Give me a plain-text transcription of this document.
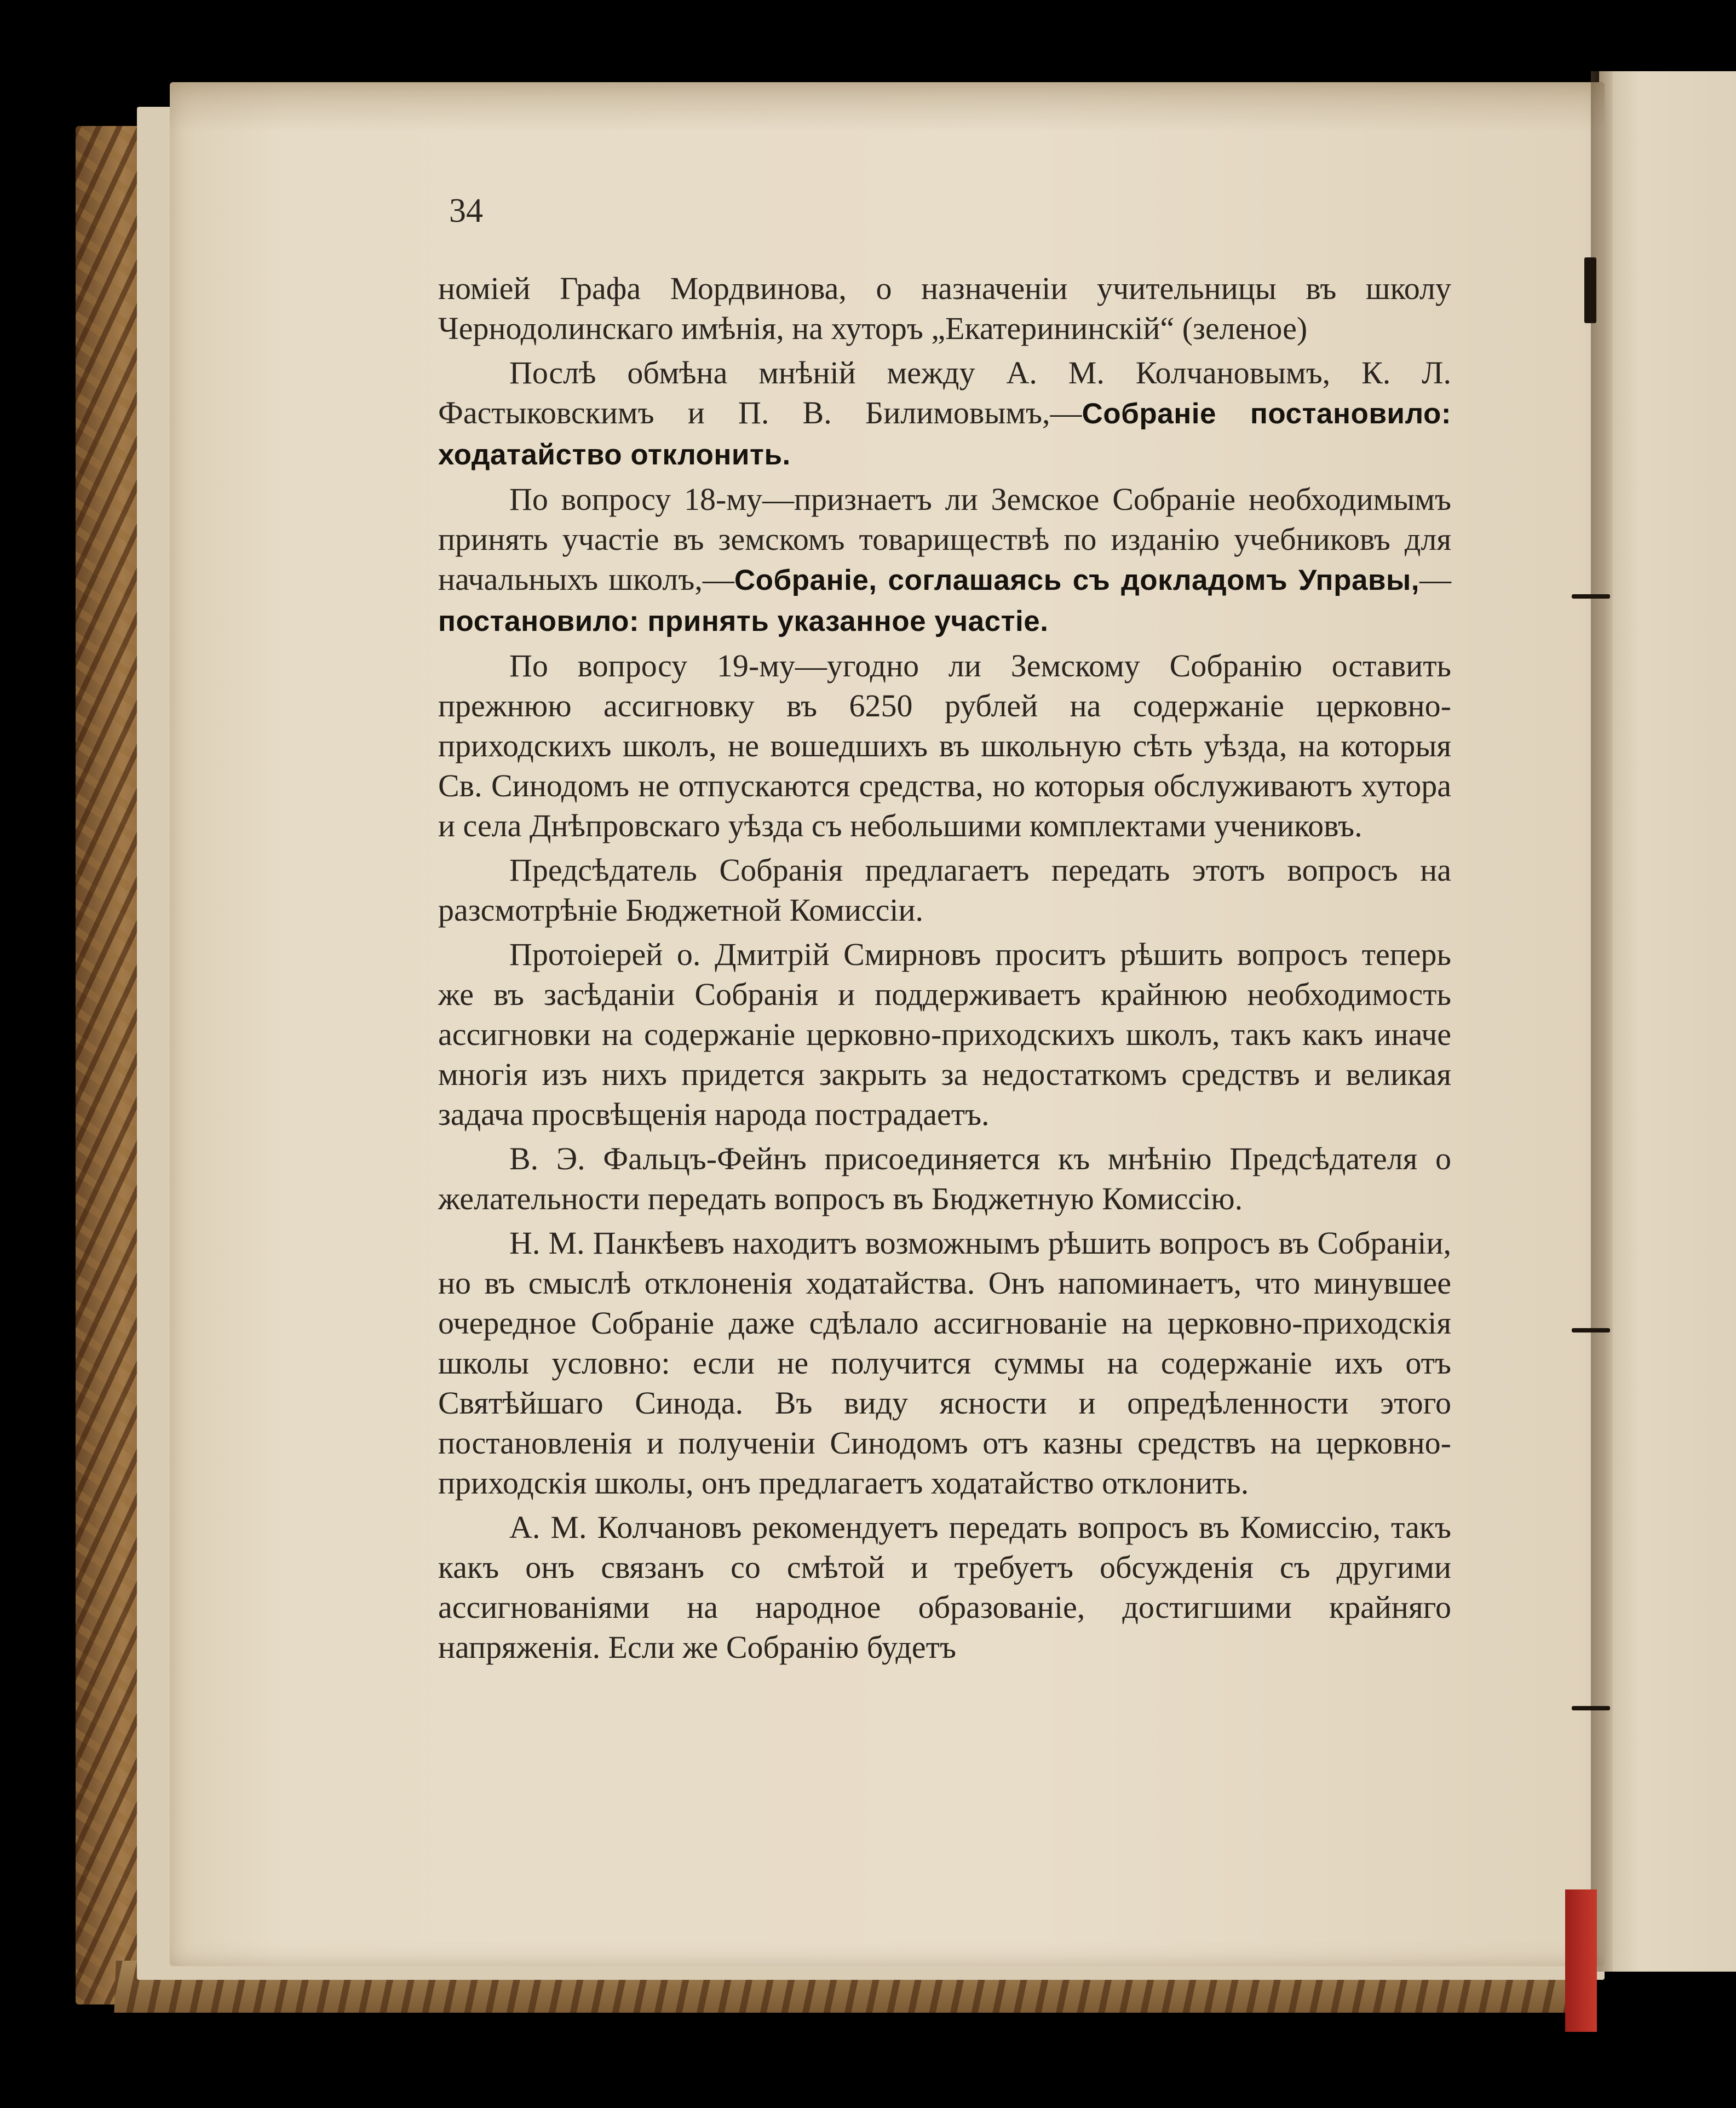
34

номіей Графа Мордвинова, о назначеніи учительницы въ школу Чернодолинскаго имѣнія, на хуторъ „Екатерининскій“ (зеленое)

Послѣ обмѣна мнѣній между А. М. Колчановымъ, К. Л. Фастыковскимъ и П. В. Билимовымъ,—Собраніе постановило: ходатайство отклонить.

По вопросу 18-му—признаетъ ли Земское Собраніе необходимымъ принять участіе въ земскомъ товариществѣ по изданію учебниковъ для начальныхъ школъ,—Собраніе, соглашаясь съ докладомъ Управы,—постановило: принять указанное участіе.

По вопросу 19-му—угодно ли Земскому Собранію оставить прежнюю ассигновку въ 6250 рублей на содержаніе церковно-приходскихъ школъ, не вошедшихъ въ школьную сѣть уѣзда, на которыя Св. Синодомъ не отпускаются средства, но которыя обслуживаютъ хутора и села Днѣпровскаго уѣзда съ небольшими комплектами учениковъ.

Предсѣдатель Собранія предлагаетъ передать этотъ вопросъ на разсмотрѣніе Бюджетной Комиссіи.

Протоіерей о. Дмитрій Смирновъ проситъ рѣшить вопросъ теперь же въ засѣданіи Собранія и поддерживаетъ крайнюю необходимость ассигновки на содержаніе церковно-приходскихъ школъ, такъ какъ иначе многія изъ нихъ придется закрыть за недостаткомъ средствъ и великая задача просвѣщенія народа пострадаетъ.

В. Э. Фальцъ-Фейнъ присоединяется къ мнѣнію Предсѣдателя о желательности передать вопросъ въ Бюджетную Комиссію.

Н. М. Панкѣевъ находитъ возможнымъ рѣшить вопросъ въ Собраніи, но въ смыслѣ отклоненія ходатайства. Онъ напоминаетъ, что минувшее очередное Собраніе даже сдѣлало ассигнованіе на церковно-приходскія школы условно: если не получится суммы на содержаніе ихъ отъ Святѣйшаго Синода. Въ виду ясности и опредѣленности этого постановленія и полученіи Синодомъ отъ казны средствъ на церковно-приходскія школы, онъ предлагаетъ ходатайство отклонить.

А. М. Колчановъ рекомендуетъ передать вопросъ въ Комиссію, такъ какъ онъ связанъ со смѣтой и требуетъ обсужденія съ другими ассигнованіями на народное образованіе, достигшими крайняго напряженія. Если же Собранію будетъ
